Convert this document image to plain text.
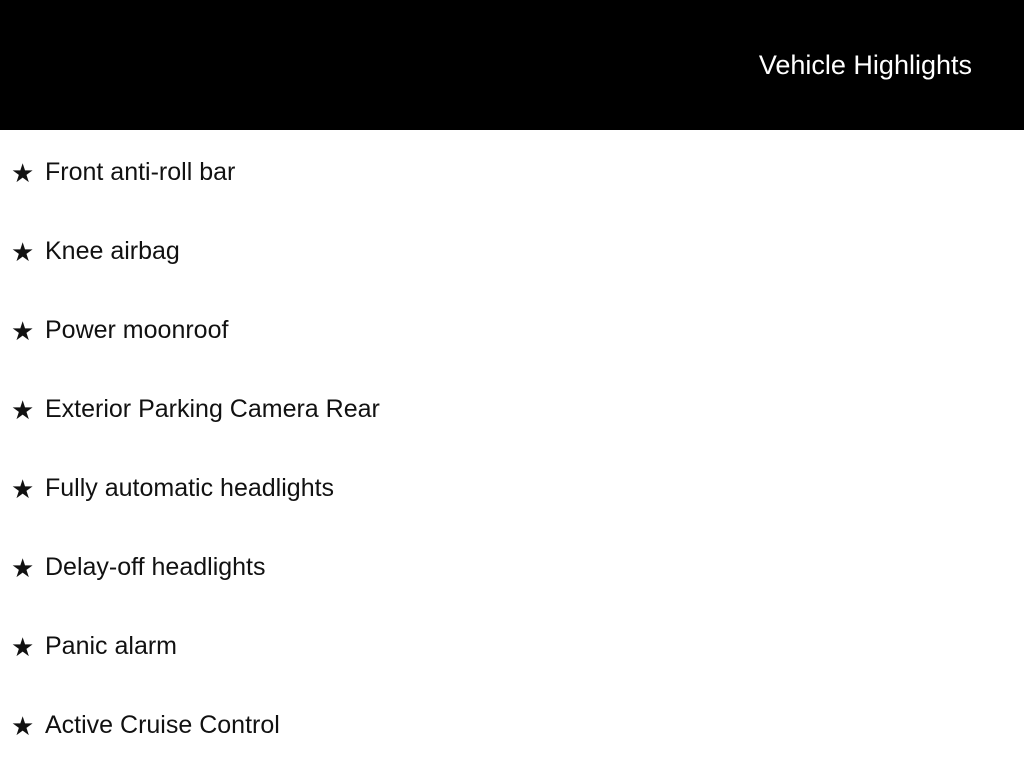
Vehicle Highlights
★ Front anti-roll bar
★ Knee airbag
★ Power moonroof
★ Exterior Parking Camera Rear
★ Fully automatic headlights
★ Delay-off headlights
★ Panic alarm
★ Active Cruise Control
